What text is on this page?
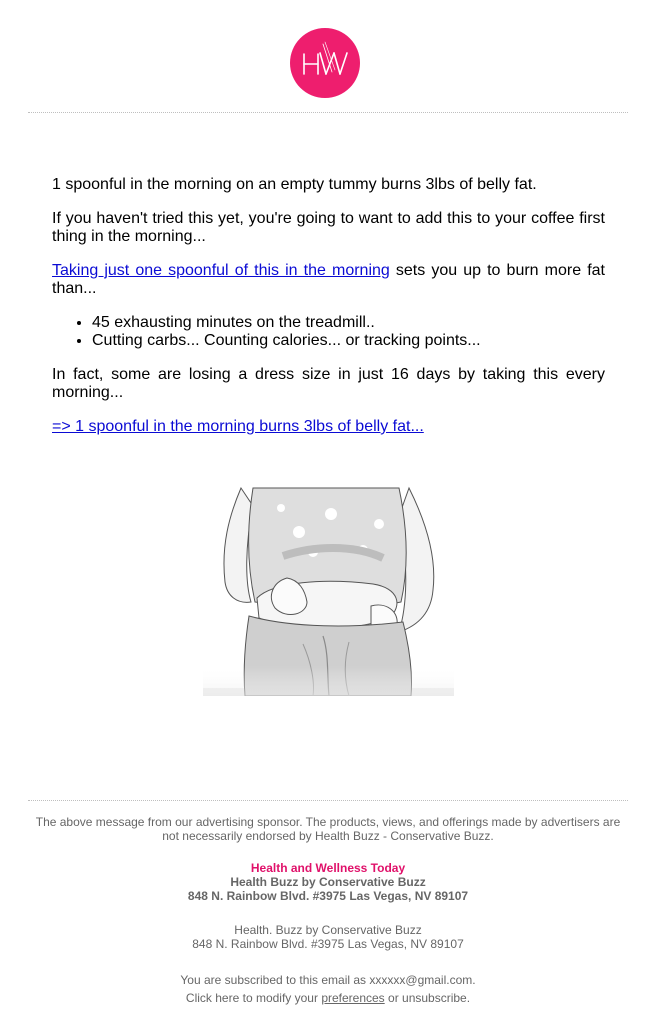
1 spoonful in the morning on an empty tummy burns 3lbs of belly fat.

If you haven't tried this yet, you're going to want to add this to your coffee first thing in the morning...

Taking just one spoonful of this in the morning sets you up to burn more fat than...

• 45 exhausting minutes on the treadmill..
• Cutting carbs... Counting calories... or tracking points...

In fact, some are losing a dress size in just 16 days by taking this every morning...

=> 1 spoonful in the morning burns 3lbs of belly fat...

The above message from our advertising sponsor. The products, views, and offerings made by advertisers are not necessarily endorsed by Health Buzz - Conservative Buzz.
Health and Wellness Today
Health Buzz by Conservative Buzz
848 N. Rainbow Blvd. #3975 Las Vegas, NV 89107
Health. Buzz by Conservative Buzz
848 N. Rainbow Blvd. #3975 Las Vegas, NV 89107
You are subscribed to this email as xxxxxx@gmail.com.
Click here to modify your preferences or unsubscribe.
